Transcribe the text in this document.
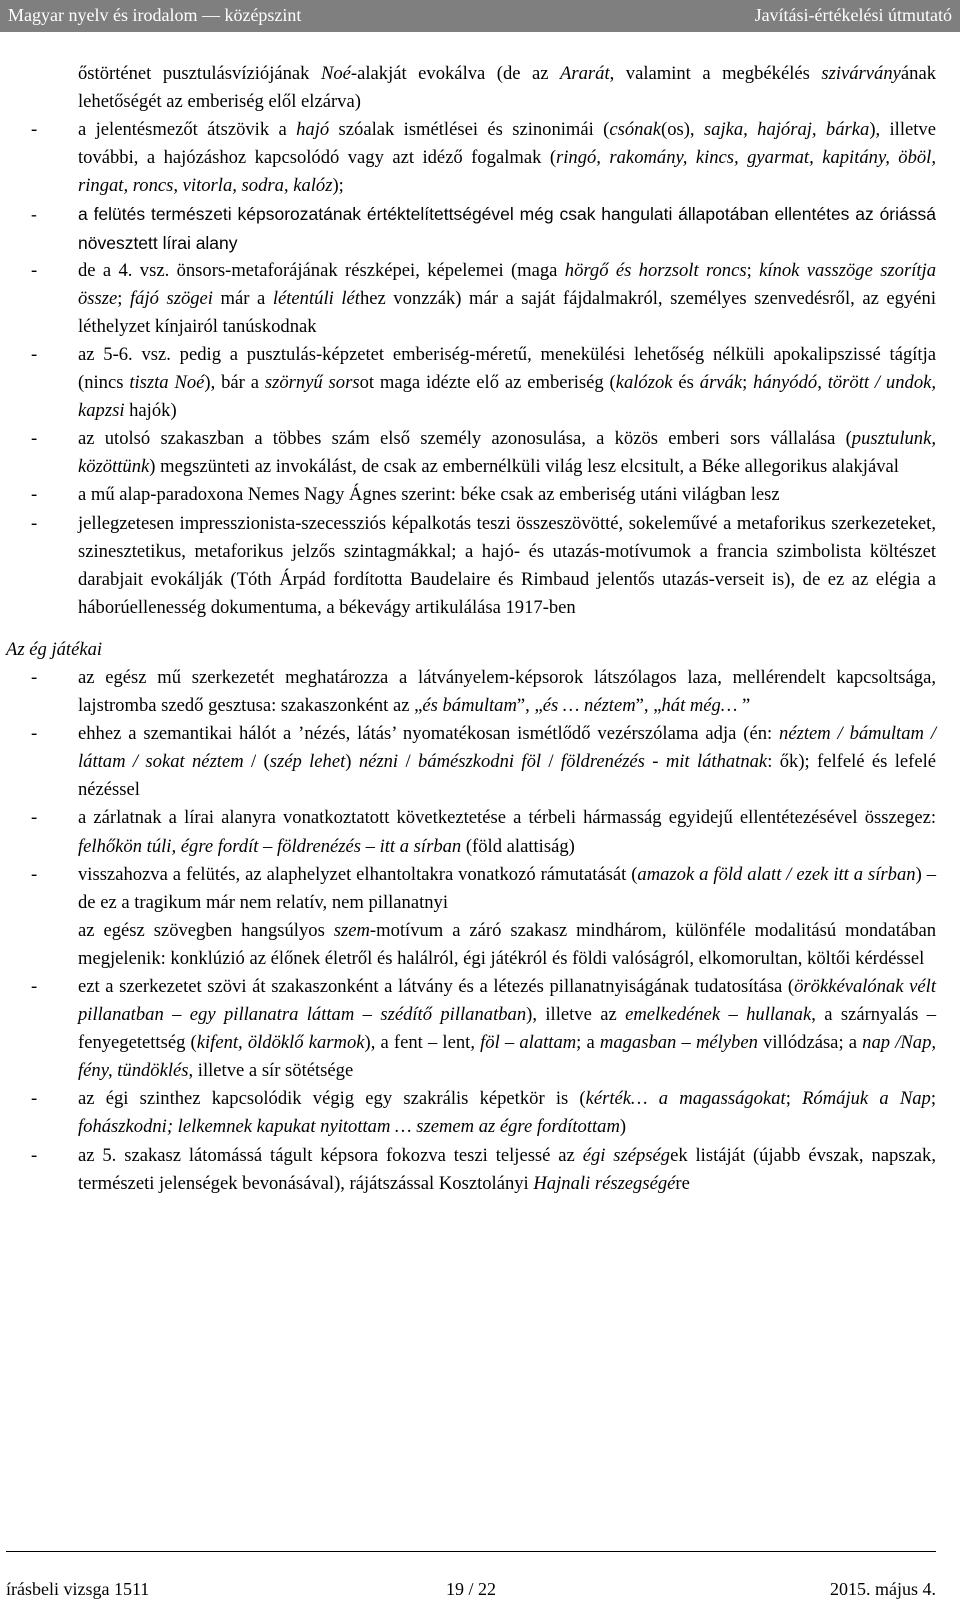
Magyar nyelv és irodalom — középszint	Javítási-értékelési útmutató
őstörténet pusztulásvíziójának Noé-alakját evokálva (de az Ararát, valamint a megbékélés szivárványának lehetőségét az emberiség elől elzárva)
- a jelentésmezőt átszövik a hajó szóalak ismétlései és szinonimái (csónak(os), sajka, hajóraj, bárka), illetve további, a hajózáshoz kapcsolódó vagy azt idéző fogalmak (ringó, rakomány, kincs, gyarmat, kapitány, öböl, ringat, roncs, vitorla, sodra, kalóz);
- a felütés természeti képsorozatának értéktelítettségével még csak hangulati állapotában ellentétes az óriássá növesztett lírai alany
- de a 4. vsz. önsors-metaforájának részképei, képelemei (maga hörgő és horzsolt roncs; kínok vasszöge szorítja össze; fájó szögei már a létentúli léthez vonzzák) már a saját fájdalmakról, személyes szenvedésről, az egyéni léthelyzet kínjairól tanúskodnak
- az 5-6. vsz. pedig a pusztulás-képzetet emberiség-méretű, menekülési lehetőség nélküli apokalipszissé tágítja (nincs tiszta Noé), bár a szörnyű sorsot maga idézte elő az emberiség (kalózok és árvák; hányódó, törött / undok, kapzsi hajók)
- az utolsó szakaszban a többes szám első személy azonosulása, a közös emberi sors vállalása (pusztulunk, közöttünk) megszünteti az invokálást, de csak az embernélküli világ lesz elcsitult, a Béke allegorikus alakjával
- a mű alap-paradoxona Nemes Nagy Ágnes szerint: béke csak az emberiség utáni világban lesz
- jellegzetesen impresszionista-szecessziós képalkotás teszi összeszövötté, sokeleművé a metaforikus szerkezeteket, szinesztetikus, metaforikus jelzős szintagmákkal; a hajó- és utazás-motívumok a francia szimbolista költészet darabjait evokálják (Tóth Árpád fordította Baudelaire és Rimbaud jelentős utazás-verseit is), de ez az elégia a háborúellenesség dokumentuma, a békevágy artikulálása 1917-ben
Az ég játékai
- az egész mű szerkezetét meghatározza a látványelem-képsorok látszólagos laza, mellérendelt kapcsoltsága, lajstromba szedő gesztusa: szakaszonként az „és bámultam”, „és … néztem”, „hát még… ”
- ehhez a szemantikai hálót a ’nézés, látás’ nyomatékosan ismétlődő vezérszólama adja (én: néztem / bámultam / láttam / sokat néztem / (szép lehet) nézni / bámészkodni föl / földrenézés - mit láthatnak: ők); felfelé és lefelé nézéssel
- a zárlatnak a lírai alanyra vonatkoztatott következtetése a térbeli hármasság egyidejű ellentétezésével összegez: felhőkön túli, égre fordít – földrenézés – itt a sírban (föld alattiság)
- visszahozva a felütés, az alaphelyzet elhantoltakra vonatkozó rámutatását (amazok a föld alatt / ezek itt a sírban) – de ez a tragikum már nem relatív, nem pillanatnyi
az egész szövegben hangsúlyos szem-motívum a záró szakasz mindhárom, különféle modalitású mondatában megjelenik: konklúzió az élőnek életről és halálról, égi játékról és földi valóságról, elkomorultan, költői kérdéssel
- ezt a szerkezetet szövi át szakaszonként a látvány és a létezés pillanatnyiságának tudatosítása (örökkévalónak vélt pillanatban – egy pillanatra láttam – szédítő pillanatban), illetve az emelkedének – hullanak, a szárnyalás – fenyegetettség (kifent, öldöklő karmok), a fent – lent, föl – alattam; a magasban – mélyben villódzása; a nap /Nap, fény, tündöklés, illetve a sír sötétsége
- az égi szinthez kapcsolódik végig egy szakrális képetkör is (kérték… a magasságokat; Rómájuk a Nap; fohászkodni; lelkemnek kapukat nyitottam … szemem az égre fordítottam)
- az 5. szakasz látomássá tágult képsora fokozva teszi teljessé az égi szépségek listáját (újabb évszak, napszak, természeti jelenségek bevonásával), rájátszással Kosztolányi Hajnali részegségére
írásbeli vizsga 1511	19 / 22	2015. május 4.
